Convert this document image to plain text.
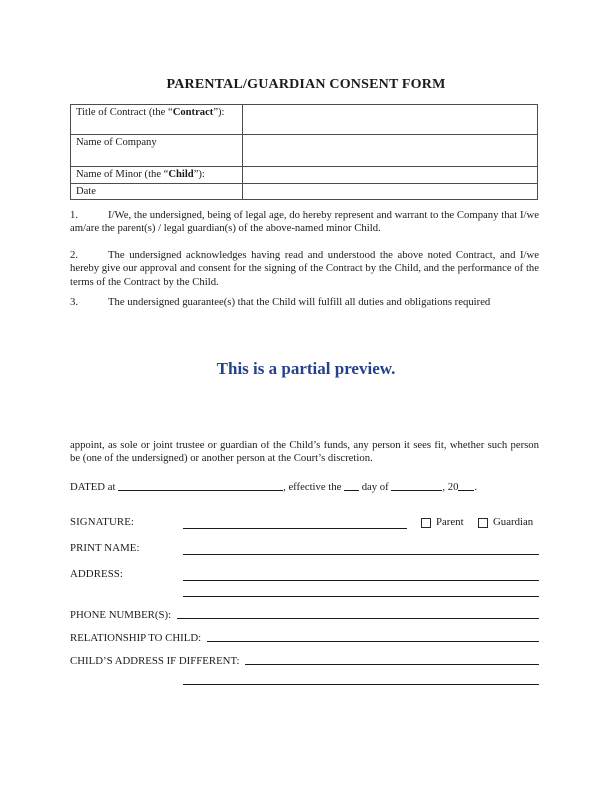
PARENTAL/GUARDIAN CONSENT FORM
Title of Contract (the “Contract”):	
Name of Company	
Name of Minor (the “Child”):	
Date	
1.	I/We, the undersigned, being of legal age, do hereby represent and warrant to the Company that I/we am/are the parent(s) / legal guardian(s) of the above-named minor Child.
2.	The undersigned acknowledges having read and understood the above noted Contract, and I/we hereby give our approval and consent for the signing of the Contract by the Child, and the performance of the terms of the Contract by the Child.
3.	The undersigned guarantee(s) that the Child will fulfill all duties and obligations required
This is a partial preview.
appoint, as sole or joint trustee or guardian of the Child’s funds, any person it sees fit, whether such person be (one of the undersigned) or another person at the Court’s discretion.
DATED at	, effective the day of	, 20 .
SIGNATURE:	Parent	Guardian
PRINT NAME:
ADDRESS:
PHONE NUMBER(S):
RELATIONSHIP TO CHILD:
CHILD’S ADDRESS IF DIFFERENT:
